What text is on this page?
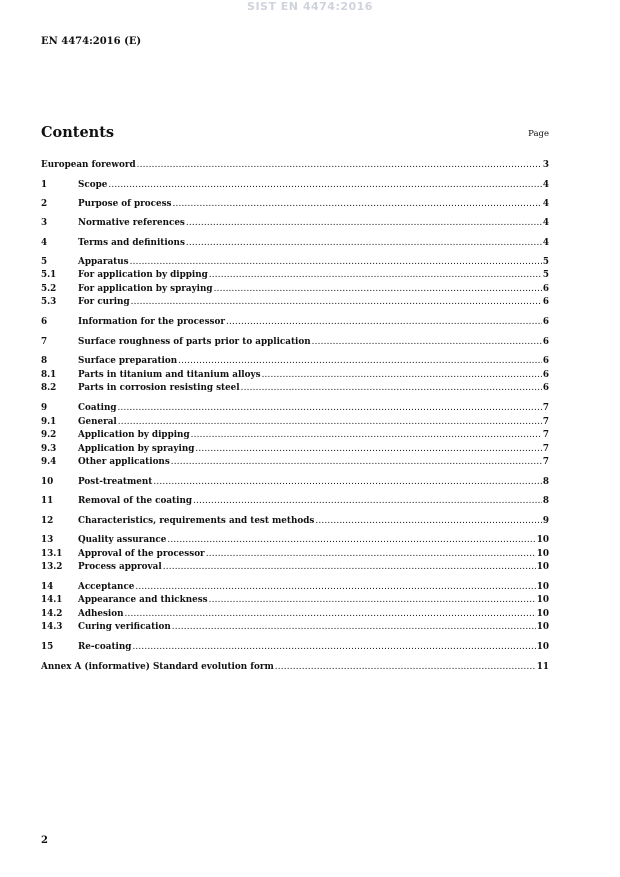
SIST EN 4474:2016
EN 4474:2016 (E)
Contents	Page
European foreword .....	3
1	Scope .....	4
2	Purpose of process .....	4
3	Normative references .....	4
4	Terms and definitions .....	4
5	Apparatus .....	5
5.1	For application by dipping .....	5
5.2	For application by spraying .....	6
5.3	For curing .....	6
6	Information for the processor .....	6
7	Surface roughness of parts prior to application .....	6
8	Surface preparation .....	6
8.1	Parts in titanium and titanium alloys .....	6
8.2	Parts in corrosion resisting steel .....	6
9	Coating .....	7
9.1	General .....	7
9.2	Application by dipping .....	7
9.3	Application by spraying .....	7
9.4	Other applications .....	7
10	Post-treatment .....	8
11	Removal of the coating .....	8
12	Characteristics, requirements and test methods .....	9
13	Quality assurance .....	10
13.1	Approval of the processor .....	10
13.2	Process approval .....	10
14	Acceptance .....	10
14.1	Appearance and thickness .....	10
14.2	Adhesion .....	10
14.3	Curing verification .....	10
15	Re-coating .....	10
Annex A (informative) Standard evolution form .....	11
2
